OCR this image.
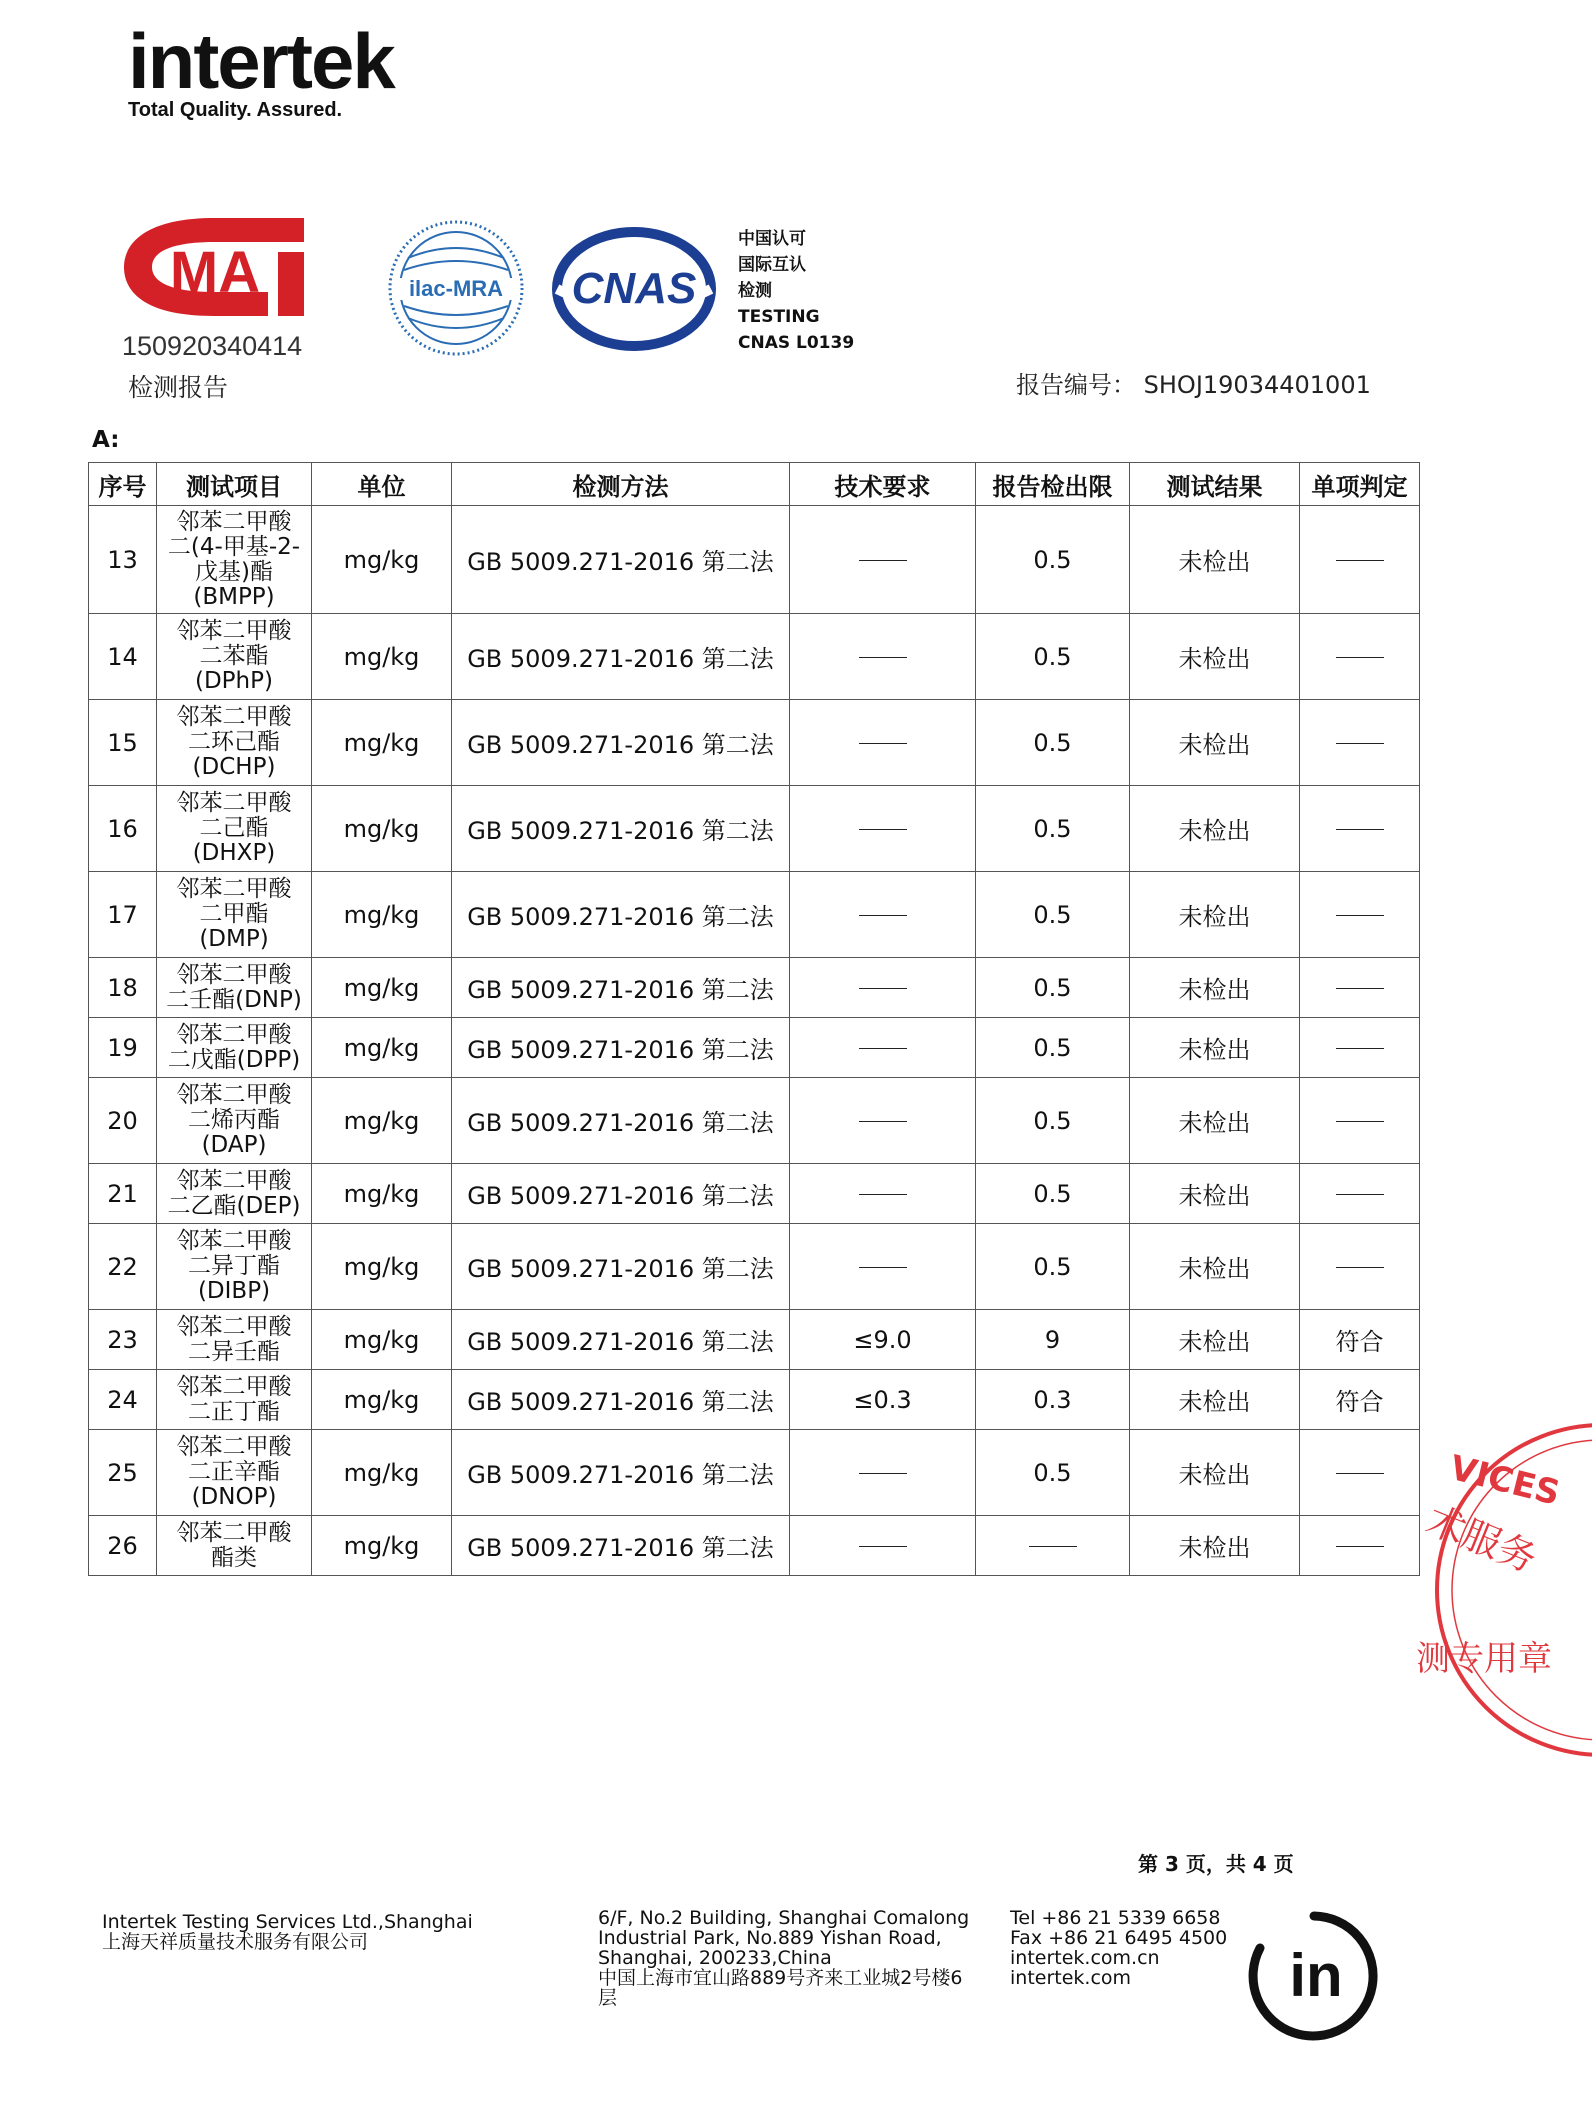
intertek
Total Quality. Assured.
MA
150920340414
检测报告
ilac-MRA CNAS
中国认可
国际互认
检测
TESTING
CNAS L0139
报告编号： SHOJ19034401001
A:
序号	测试项目	单位	检测方法	技术要求	报告检出限	测试结果	单项判定
13	邻苯二甲酸
二(4-甲基-2-
戊基)酯
(BMPP)	mg/kg	GB 5009.271-2016 第二法		0.5	未检出	
14	邻苯二甲酸
二苯酯
(DPhP)	mg/kg	GB 5009.271-2016 第二法		0.5	未检出	
15	邻苯二甲酸
二环己酯
(DCHP)	mg/kg	GB 5009.271-2016 第二法		0.5	未检出	
16	邻苯二甲酸
二己酯
(DHXP)	mg/kg	GB 5009.271-2016 第二法		0.5	未检出	
17	邻苯二甲酸
二甲酯
(DMP)	mg/kg	GB 5009.271-2016 第二法		0.5	未检出	
18	邻苯二甲酸
二壬酯(DNP)	mg/kg	GB 5009.271-2016 第二法		0.5	未检出	
19	邻苯二甲酸
二戊酯(DPP)	mg/kg	GB 5009.271-2016 第二法		0.5	未检出	
20	邻苯二甲酸
二烯丙酯
(DAP)	mg/kg	GB 5009.271-2016 第二法		0.5	未检出	
21	邻苯二甲酸
二乙酯(DEP)	mg/kg	GB 5009.271-2016 第二法		0.5	未检出	
22	邻苯二甲酸
二异丁酯
(DIBP)	mg/kg	GB 5009.271-2016 第二法		0.5	未检出	
23	邻苯二甲酸
二异壬酯	mg/kg	GB 5009.271-2016 第二法	≤9.0	9	未检出	符合
24	邻苯二甲酸
二正丁酯	mg/kg	GB 5009.271-2016 第二法	≤0.3	0.3	未检出	符合
25	邻苯二甲酸
二正辛酯
(DNOP)	mg/kg	GB 5009.271-2016 第二法		0.5	未检出	
26	邻苯二甲酸
酯类	mg/kg	GB 5009.271-2016 第二法			未检出	
第 3 页，共 4 页
VICES
术服务
测专用章
Intertek Testing Services Ltd.,Shanghai
上海天祥质量技术服务有限公司
6/F, No.2 Building, Shanghai Comalong
Industrial Park, No.889 Yishan Road,
Shanghai, 200233,China
中国上海市宜山路889号齐来工业城2号楼6
层
Tel +86 21 5339 6658
Fax +86 21 6495 4500
intertek.com.cn
intertek.com	in
